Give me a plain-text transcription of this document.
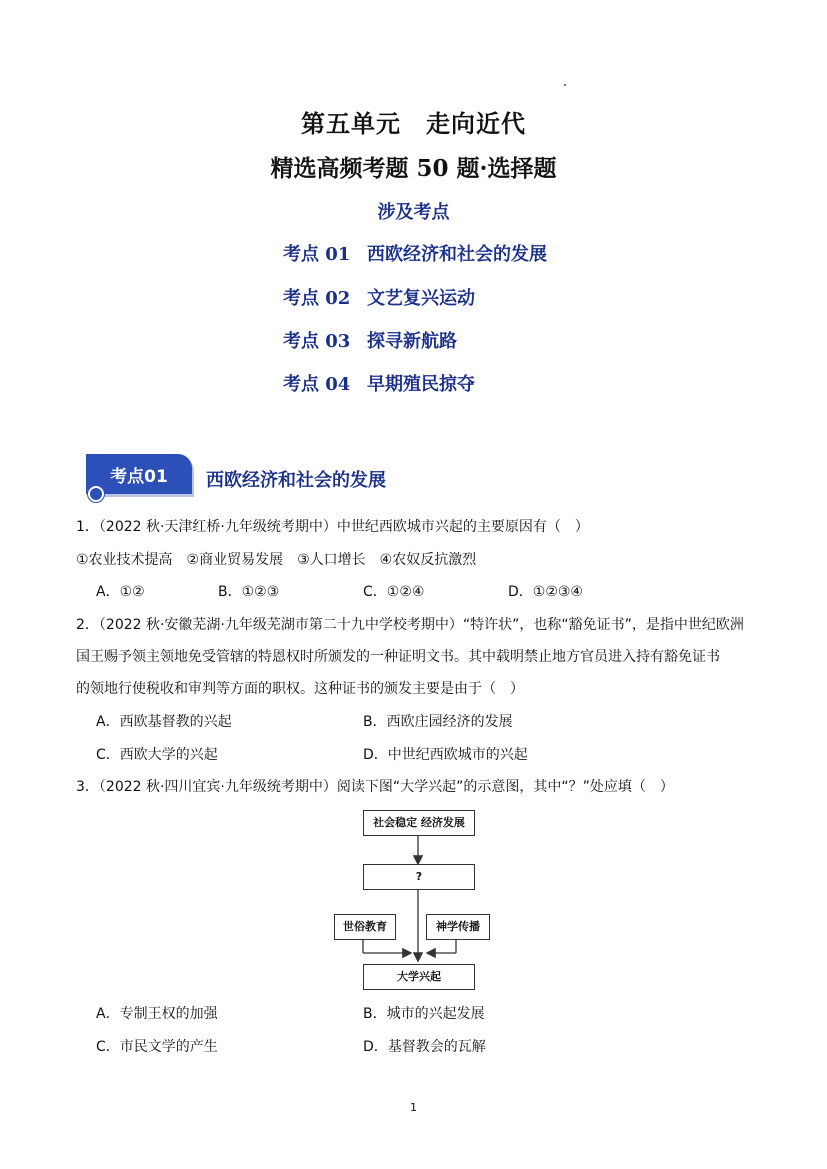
第五单元　走向近代
精选高频考题 50 题·选择题
涉及考点
考点 01 西欧经济和社会的发展
考点 02 文艺复兴运动
考点 03 探寻新航路
考点 04 早期殖民掠夺
考点01	西欧经济和社会的发展
1．（2022 秋·天津红桥·九年级统考期中）中世纪西欧城市兴起的主要原因有（　）
①农业技术提高　②商业贸易发展　③人口增长　④农奴反抗激烈
A．①②	B．①②③	C．①②④	D．①②③④
2．（2022 秋·安徽芜湖·九年级芜湖市第二十九中学校考期中）“特许状”，也称“豁免证书”，是指中世纪欧洲
国王赐予领主领地免受管辖的特恩权时所颁发的一种证明文书。其中载明禁止地方官员进入持有豁免证书
的领地行使税收和审判等方面的职权。这种证书的颁发主要是由于（　）
A．西欧基督教的兴起	B．西欧庄园经济的发展
C．西欧大学的兴起	D．中世纪西欧城市的兴起
3．（2022 秋·四川宜宾·九年级统考期中）阅读下图“大学兴起”的示意图，其中“？”处应填（　）
社会稳定 经济发展
?
世俗教育	神学传播
大学兴起
A．专制王权的加强	B．城市的兴起发展
C．市民文学的产生	D．基督教会的瓦解
1
